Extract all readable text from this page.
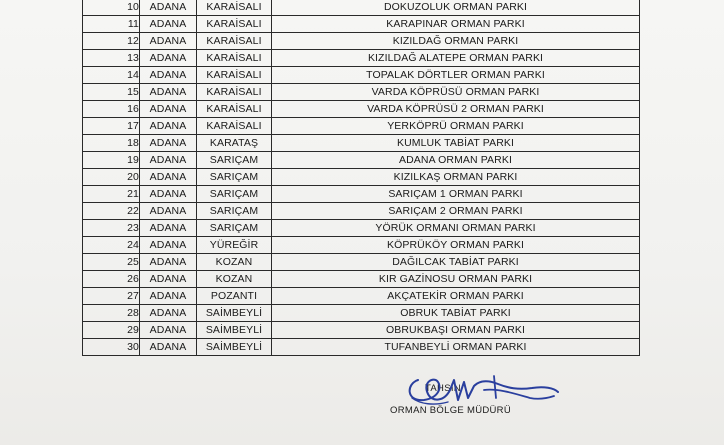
10	ADANA	KARAİSALI	DOKUZOLUK ORMAN PARKI
11	ADANA	KARAİSALI	KARAPINAR ORMAN PARKI
12	ADANA	KARAİSALI	KIZILDAĞ ORMAN PARKI
13	ADANA	KARAİSALI	KIZILDAĞ ALATEPE ORMAN PARKI
14	ADANA	KARAİSALI	TOPALAK DÖRTLER ORMAN PARKI
15	ADANA	KARAİSALI	VARDA KÖPRÜSÜ ORMAN PARKI
16	ADANA	KARAİSALI	VARDA KÖPRÜSÜ 2 ORMAN PARKI
17	ADANA	KARAİSALI	YERKÖPRÜ ORMAN PARKI
18	ADANA	KARATAŞ	KUMLUK TABİAT PARKI
19	ADANA	SARIÇAM	ADANA ORMAN PARKI
20	ADANA	SARIÇAM	KIZILKAŞ ORMAN PARKI
21	ADANA	SARIÇAM	SARIÇAM 1 ORMAN PARKI
22	ADANA	SARIÇAM	SARIÇAM 2 ORMAN PARKI
23	ADANA	SARIÇAM	YÖRÜK ORMANI ORMAN PARKI
24	ADANA	YÜREĞİR	KÖPRÜKÖY ORMAN PARKI
25	ADANA	KOZAN	DAĞILCAK TABİAT PARKI
26	ADANA	KOZAN	KIR GAZİNOSU ORMAN PARKI
27	ADANA	POZANTI	AKÇATEKİR ORMAN PARKI
28	ADANA	SAİMBEYLİ	OBRUK TABİAT PARKI
29	ADANA	SAİMBEYLİ	OBRUKBAŞI ORMAN PARKI
30	ADANA	SAİMBEYLİ	TUFANBEYLİ ORMAN PARKI
TAHSİN
ORMAN BÖLGE MÜDÜRÜ
